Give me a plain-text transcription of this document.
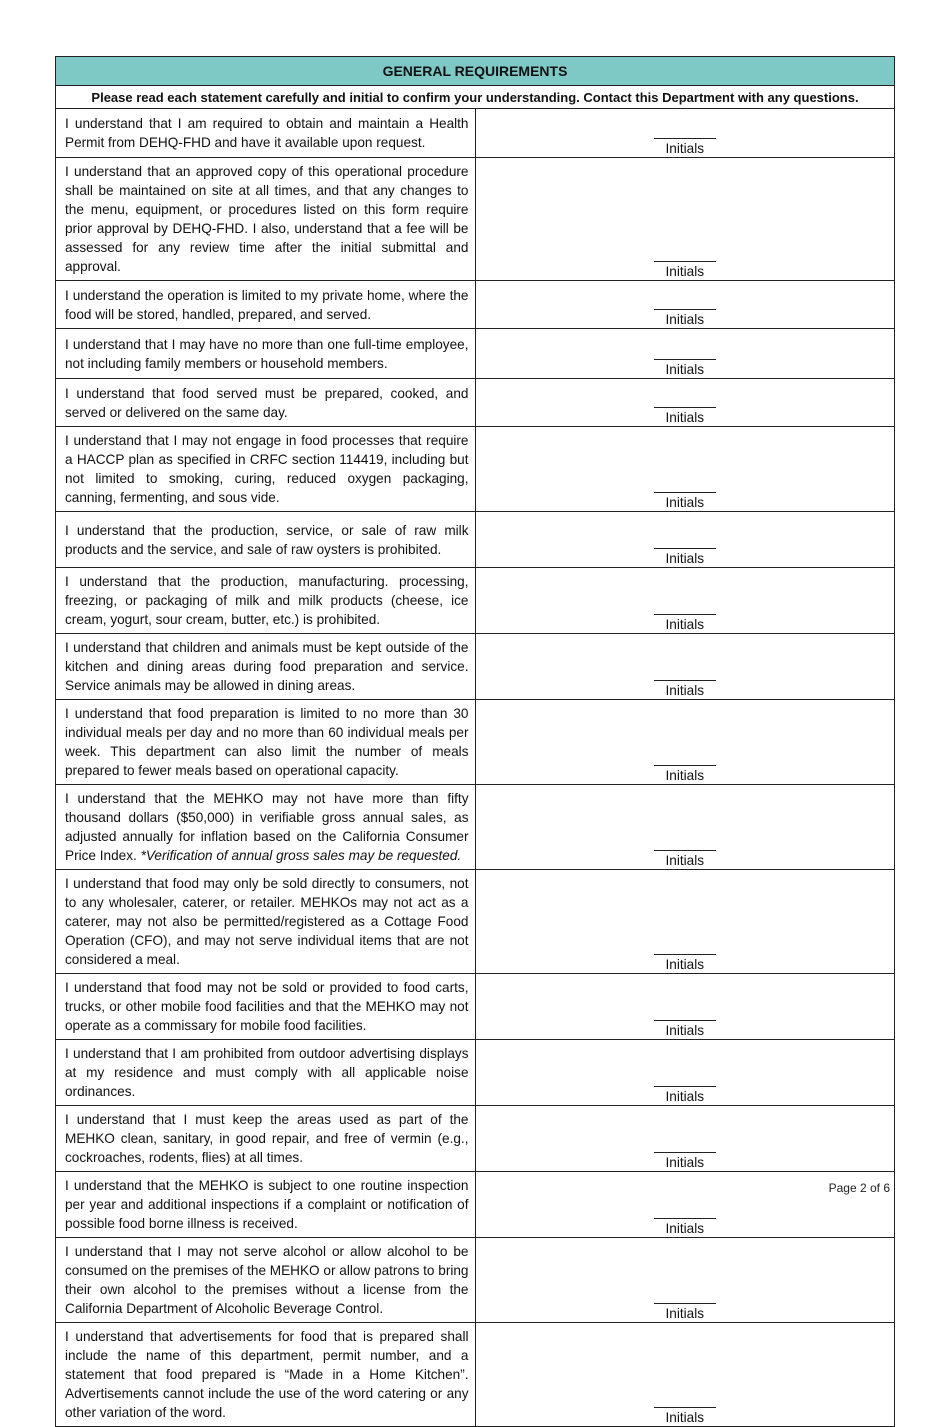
GENERAL REQUIREMENTS	
Please read each statement carefully and initial to confirm your understanding. Contact this Department with any questions.	
I understand that I am required to obtain and maintain a Health Permit from DEHQ-FHD and have it available upon request.	Initials

I understand that an approved copy of this operational procedure shall be maintained on site at all times, and that any changes to the menu, equipment, or procedures listed on this form require prior approval by DEHQ-FHD. I also, understand that a fee will be assessed for any review time after the initial submittal and approval.	Initials

I understand the operation is limited to my private home, where the food will be stored, handled, prepared, and served.	Initials

I understand that I may have no more than one full-time employee, not including family members or household members.	Initials

I understand that food served must be prepared, cooked, and served or delivered on the same day.	Initials

I understand that I may not engage in food processes that require a HACCP plan as specified in CRFC section 114419, including but not limited to smoking, curing, reduced oxygen packaging, canning, fermenting, and sous vide.	Initials

I understand that the production, service, or sale of raw milk products and the service, and sale of raw oysters is prohibited.	Initials

I understand that the production, manufacturing. processing, freezing, or packaging of milk and milk products (cheese, ice cream, yogurt, sour cream, butter, etc.) is prohibited.	Initials

I understand that children and animals must be kept outside of the kitchen and dining areas during food preparation and service. Service animals may be allowed in dining areas.	Initials

I understand that food preparation is limited to no more than 30 individual meals per day and no more than 60 individual meals per week. This department can also limit the number of meals prepared to fewer meals based on operational capacity.	Initials

I understand that the MEHKO may not have more than fifty thousand dollars ($50,000) in verifiable gross annual sales, as adjusted annually for inflation based on the California Consumer Price Index. *Verification of annual gross sales may be requested.	Initials

I understand that food may only be sold directly to consumers, not to any wholesaler, caterer, or retailer. MEHKOs may not act as a caterer, may not also be permitted/registered as a Cottage Food Operation (CFO), and may not serve individual items that are not considered a meal.	Initials

I understand that food may not be sold or provided to food carts, trucks, or other mobile food facilities and that the MEHKO may not operate as a commissary for mobile food facilities.	Initials

I understand that I am prohibited from outdoor advertising displays at my residence and must comply with all applicable noise ordinances.	Initials

I understand that I must keep the areas used as part of the MEHKO clean, sanitary, in good repair, and free of vermin (e.g., cockroaches, rodents, flies) at all times.	Initials

I understand that the MEHKO is subject to one routine inspection per year and additional inspections if a complaint or notification of possible food borne illness is received.	Initials

I understand that I may not serve alcohol or allow alcohol to be consumed on the premises of the MEHKO or allow patrons to bring their own alcohol to the premises without a license from the California Department of Alcoholic Beverage Control.	Initials

I understand that advertisements for food that is prepared shall include the name of this department, permit number, and a statement that food prepared is “Made in a Home Kitchen”. Advertisements cannot include the use of the word catering or any other variation of the word.	Initials
Page 2 of 6
